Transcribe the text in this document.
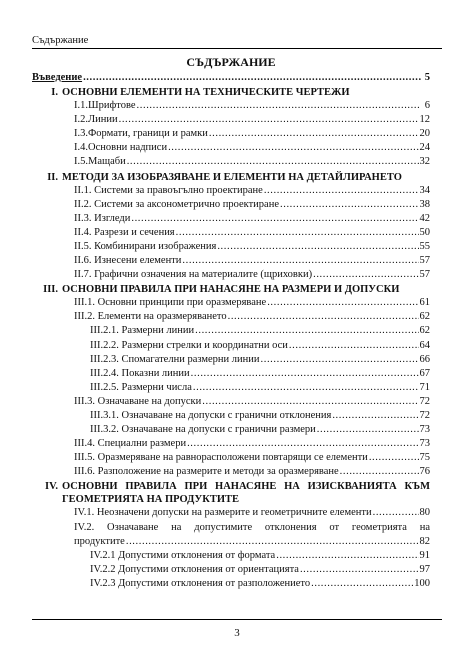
Съдържание
СЪДЪРЖАНИЕ
Въведение .....	5
I. ОСНОВНИ ЕЛЕМЕНТИ НА ТЕХНИЧЕСКИТЕ ЧЕРТЕЖИ
I.1.Шрифтове .....	6
I.2.Линии .....	12
I.3.Формати, граници и рамки .....	20
I.4.Основни надписи .....	24
I.5.Мащаби .....	32
II. МЕТОДИ ЗА ИЗОБРАЗЯВАНЕ И ЕЛЕМЕНТИ НА ДЕТАЙЛИРАНЕТО
II.1. Системи за правоъгълно проектиране .....	34
II.2. Системи за аксонометрично проектиране .....	38
II.3. Изгледи .....	42
II.4. Разрези и сечения .....	50
II.5. Комбинирани изображения .....	55
II.6. Изнесени елементи .....	57
II.7. Графични означения на материалите (щриховки) .....	57
III. ОСНОВНИ ПРАВИЛА ПРИ НАНАСЯНЕ НА РАЗМЕРИ И ДОПУСКИ
III.1. Основни принципи при оразмеряване .....	61
III.2. Елементи на оразмеряването .....	62
III.2.1. Размерни линии .....	62
III.2.2. Размерни стрелки и координатни оси .....	64
III.2.3. Спомагателни размерни линии .....	66
III.2.4. Показни линии .....	67
III.2.5. Размерни числа .....	71
III.3. Означаване на допуски .....	72
III.3.1. Означаване на допуски с гранични отклонения .....	72
III.3.2. Означаване на допуски с гранични размери .....	73
III.4. Специални размери .....	73
III.5. Оразмеряване на равнорасположени повтарящи се елементи .....	75
III.6. Разположение на размерите и методи за оразмеряване .....	76
IV. ОСНОВНИ ПРАВИЛА ПРИ НАНАСЯНЕ НА ИЗИСКВАНИЯТА КЪМ ГЕОМЕТРИЯТА НА ПРОДУКТИТЕ
IV.1. Неозначени допуски на размерите и геометричните елементи .....	80
IV.2. Означаване на допустимите отклонения от геометрията на
продуктите .....	82
IV.2.1 Допустими отклонения от формата .....	91
IV.2.2 Допустими отклонения от ориентацията .....	97
IV.2.3 Допустими отклонения от разположението .....	100
3
